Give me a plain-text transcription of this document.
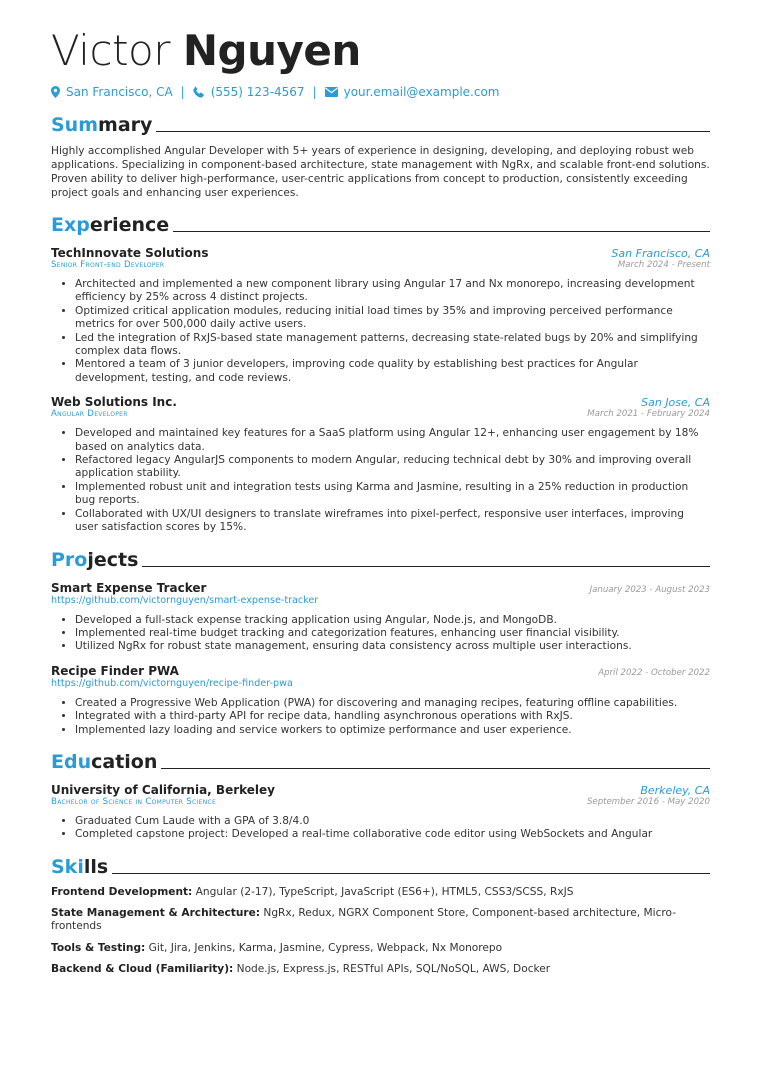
Victor Nguyen
San Francisco, CA | (555) 123-4567 | your.email@example.com
Summary
Highly accomplished Angular Developer with 5+ years of experience in designing, developing, and deploying robust web applications. Specializing in component-based architecture, state management with NgRx, and scalable front-end solutions. Proven ability to deliver high-performance, user-centric applications from concept to production, consistently exceeding project goals and enhancing user experiences.
Experience
TechInnovate Solutions	San Francisco, CA
Senior Front-end Developer	March 2024 - Present
• Architected and implemented a new component library using Angular 17 and Nx monorepo, increasing development efficiency by 25% across 4 distinct projects.
• Optimized critical application modules, reducing initial load times by 35% and improving perceived performance metrics for over 500,000 daily active users.
• Led the integration of RxJS-based state management patterns, decreasing state-related bugs by 20% and simplifying complex data flows.
• Mentored a team of 3 junior developers, improving code quality by establishing best practices for Angular development, testing, and code reviews.
Web Solutions Inc.	San Jose, CA
Angular Developer	March 2021 - February 2024
• Developed and maintained key features for a SaaS platform using Angular 12+, enhancing user engagement by 18% based on analytics data.
• Refactored legacy AngularJS components to modern Angular, reducing technical debt by 30% and improving overall application stability.
• Implemented robust unit and integration tests using Karma and Jasmine, resulting in a 25% reduction in production bug reports.
• Collaborated with UX/UI designers to translate wireframes into pixel-perfect, responsive user interfaces, improving user satisfaction scores by 15%.
Projects
Smart Expense Tracker	January 2023 - August 2023
https://github.com/victornguyen/smart-expense-tracker
• Developed a full-stack expense tracking application using Angular, Node.js, and MongoDB.
• Implemented real-time budget tracking and categorization features, enhancing user financial visibility.
• Utilized NgRx for robust state management, ensuring data consistency across multiple user interactions.
Recipe Finder PWA	April 2022 - October 2022
https://github.com/victornguyen/recipe-finder-pwa
• Created a Progressive Web Application (PWA) for discovering and managing recipes, featuring offline capabilities.
• Integrated with a third-party API for recipe data, handling asynchronous operations with RxJS.
• Implemented lazy loading and service workers to optimize performance and user experience.
Education
University of California, Berkeley	Berkeley, CA
Bachelor of Science in Computer Science	September 2016 - May 2020
• Graduated Cum Laude with a GPA of 3.8/4.0
• Completed capstone project: Developed a real-time collaborative code editor using WebSockets and Angular
Skills
Frontend Development: Angular (2-17), TypeScript, JavaScript (ES6+), HTML5, CSS3/SCSS, RxJS
State Management & Architecture: NgRx, Redux, NGRX Component Store, Component-based architecture, Micro-frontends
Tools & Testing: Git, Jira, Jenkins, Karma, Jasmine, Cypress, Webpack, Nx Monorepo
Backend & Cloud (Familiarity): Node.js, Express.js, RESTful APIs, SQL/NoSQL, AWS, Docker
